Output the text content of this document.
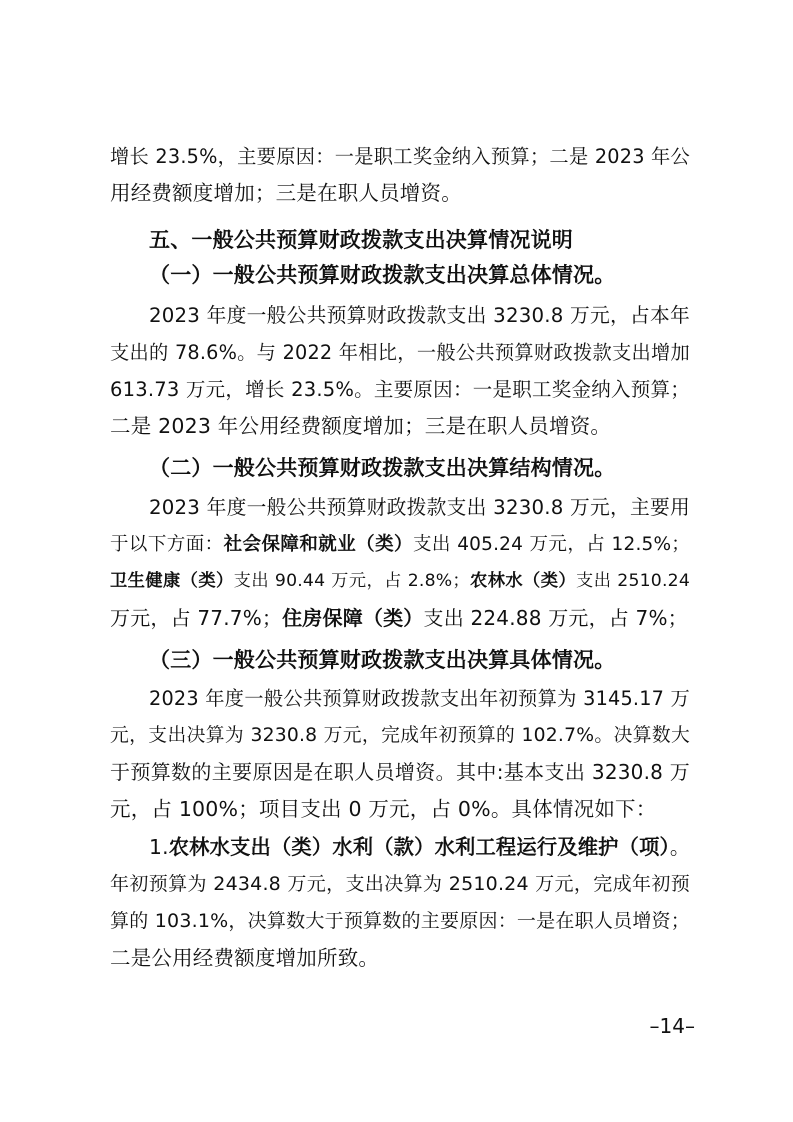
增长 23.5%，主要原因：一是职工奖金纳入预算；二是 2023 年公
用经费额度增加；三是在职人员增资。
五、一般公共预算财政拨款支出决算情况说明
（一）一般公共预算财政拨款支出决算总体情况。
2023 年度一般公共预算财政拨款支出 3230.8 万元，占本年
支出的 78.6%。与 2022 年相比，一般公共预算财政拨款支出增加
613.73 万元，增长 23.5%。主要原因：一是职工奖金纳入预算；
二是 2023 年公用经费额度增加；三是在职人员增资。
（二）一般公共预算财政拨款支出决算结构情况。
2023 年度一般公共预算财政拨款支出 3230.8 万元，主要用
于以下方面：社会保障和就业（类）支出 405.24 万元，占 12.5%；
卫生健康（类）支出 90.44 万元，占 2.8%；农林水（类）支出 2510.24
万元，占 77.7%；住房保障（类）支出 224.88 万元，占 7%；
（三）一般公共预算财政拨款支出决算具体情况。
2023 年度一般公共预算财政拨款支出年初预算为 3145.17 万
元，支出决算为 3230.8 万元，完成年初预算的 102.7%。决算数大
于预算数的主要原因是在职人员增资。其中:基本支出 3230.8 万
元，占 100%；项目支出 0 万元，占 0%。具体情况如下：
1.农林水支出（类）水利（款）水利工程运行及维护（项）。
年初预算为 2434.8 万元，支出决算为 2510.24 万元，完成年初预
算的 103.1%，决算数大于预算数的主要原因：一是在职人员增资；
二是公用经费额度增加所致。
–14–
